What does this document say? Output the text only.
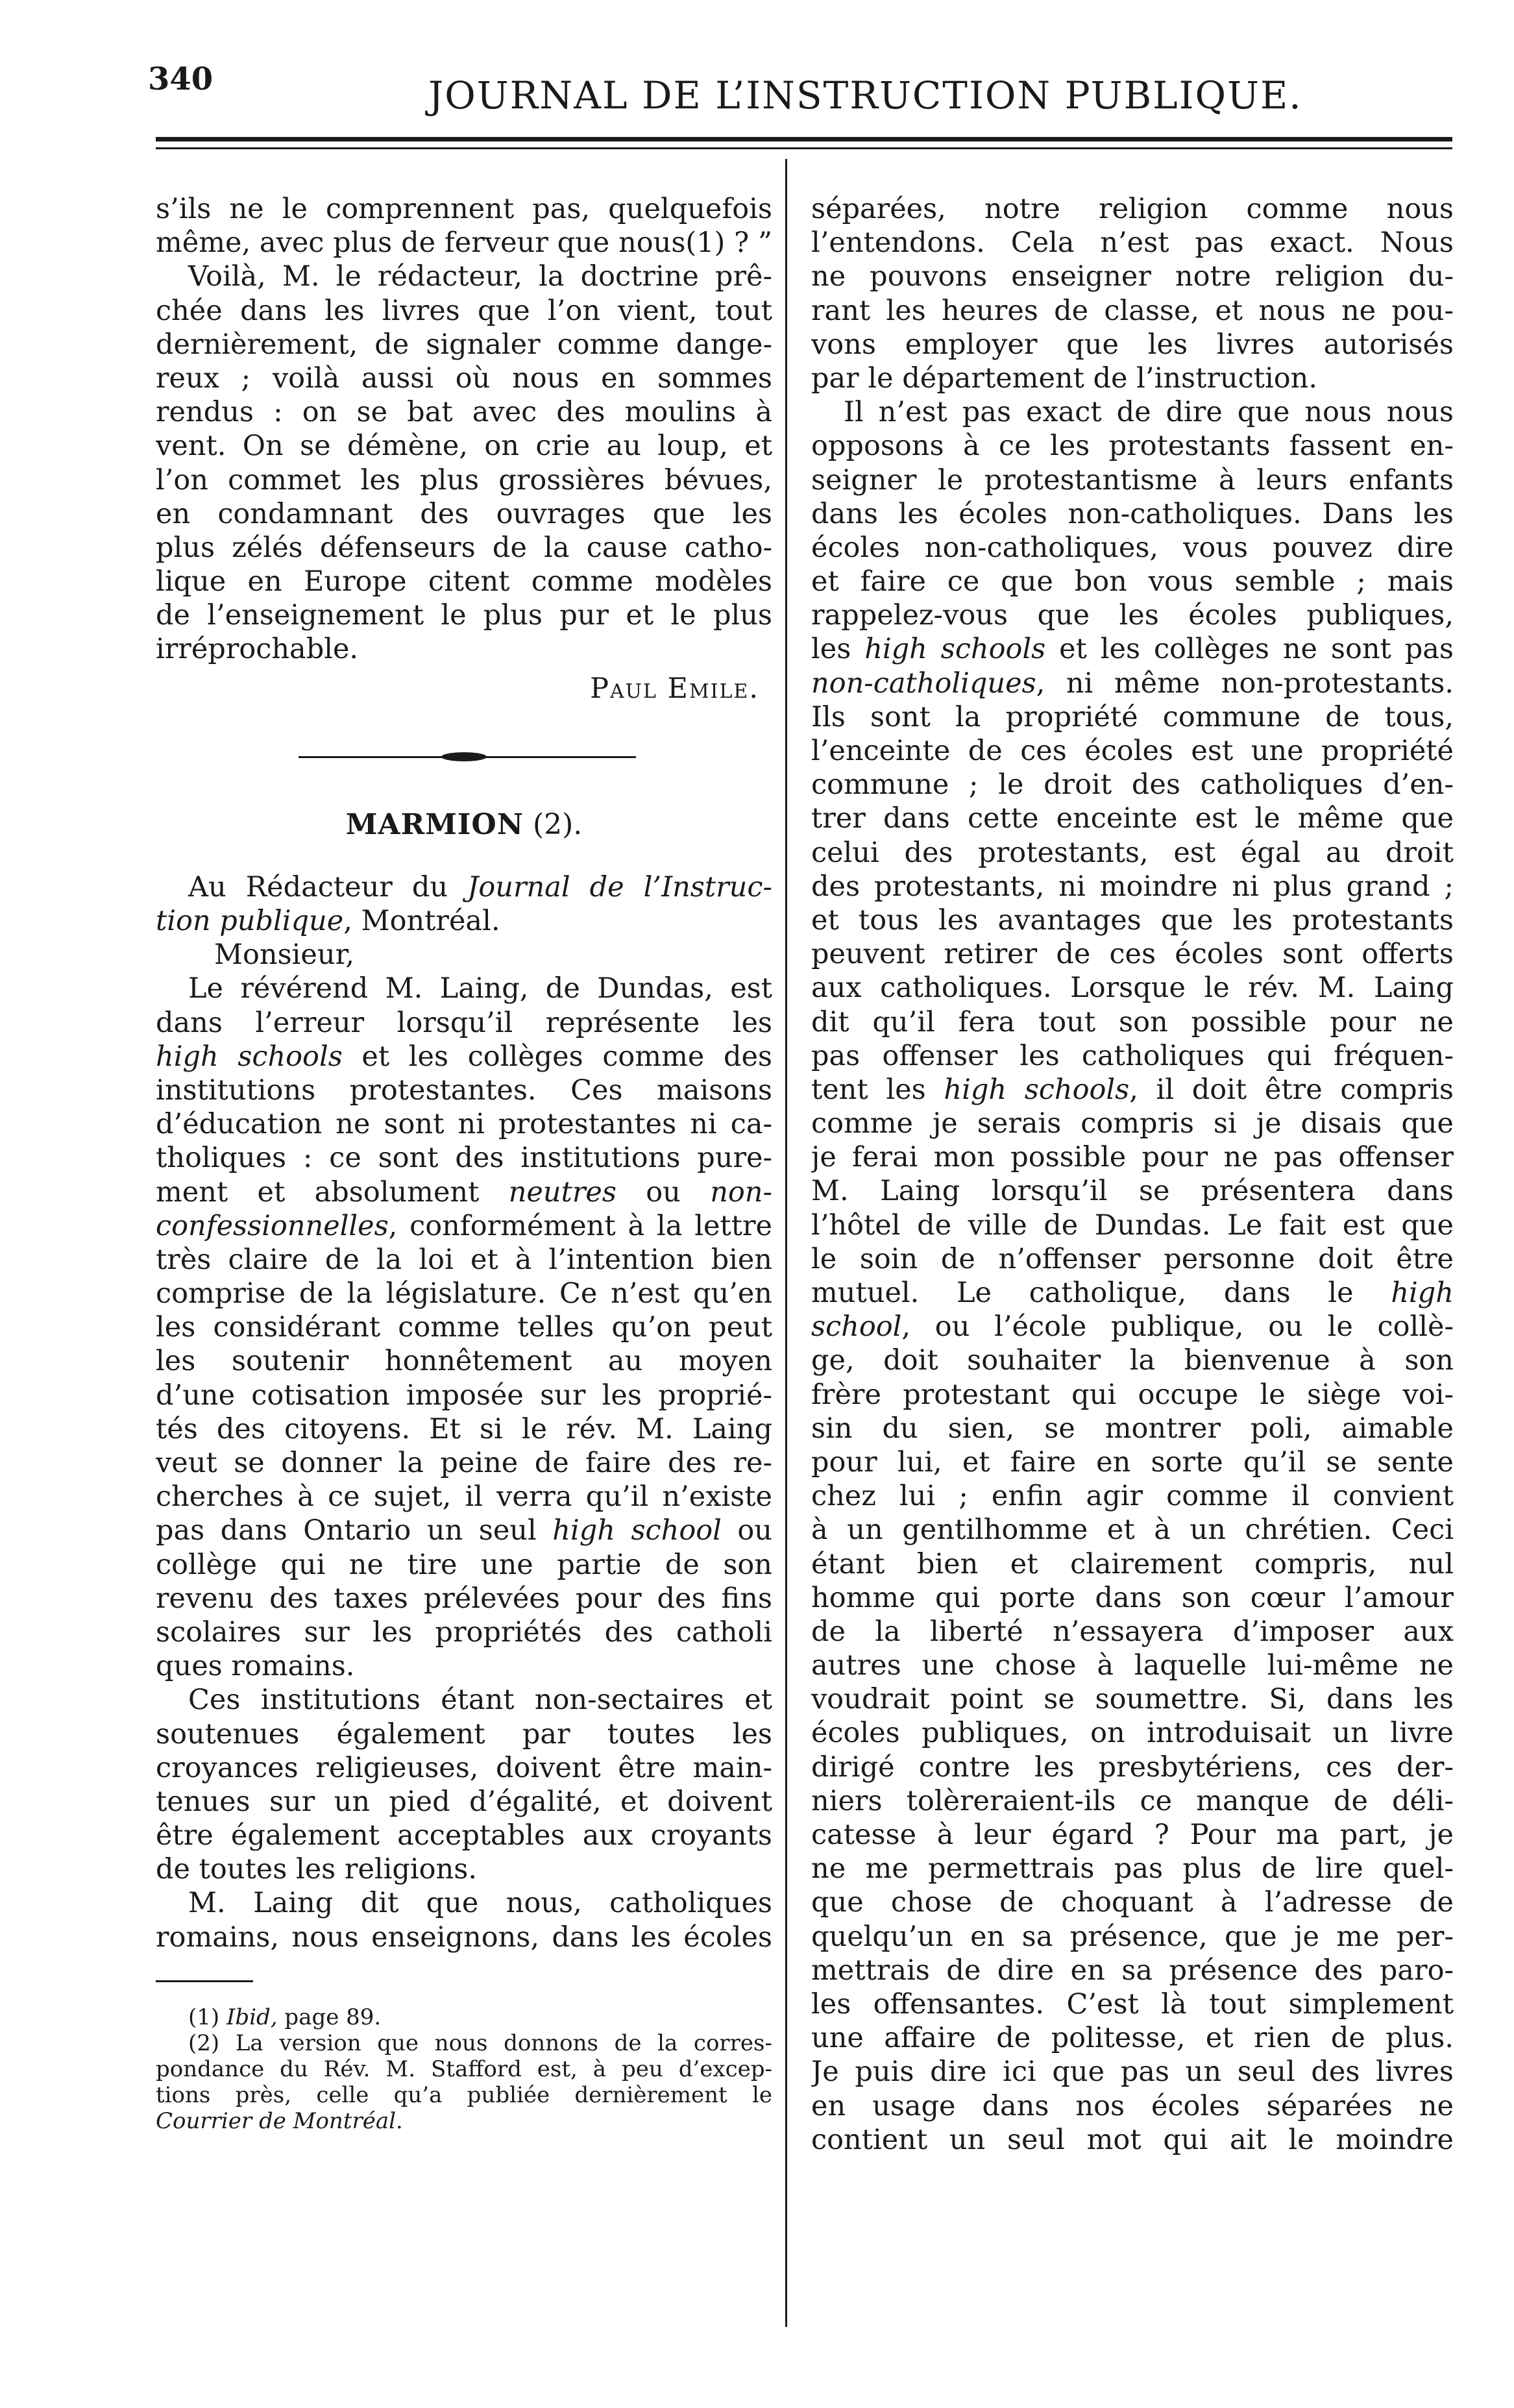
340	JOURNAL DE L’INSTRUCTION PUBLIQUE.
s’ils ne le comprennent pas, quelquefois
même, avec plus de ferveur que nous(1) ? ”
Voilà, M. le rédacteur, la doctrine prê-
chée dans les livres que l’on vient, tout
dernièrement, de signaler comme dange-
reux ; voilà aussi où nous en sommes
rendus : on se bat avec des moulins à
vent. On se démène, on crie au loup, et
l’on commet les plus grossières bévues,
en condamnant des ouvrages que les
plus zélés défenseurs de la cause catho-
lique en Europe citent comme modèles
de l’enseignement le plus pur et le plus
irréprochable.
Paul Emile.
MARMION (2).
Au Rédacteur du Journal de l’Instruc-
tion publique, Montréal.
Monsieur,
Le révérend M. Laing, de Dundas, est
dans l’erreur lorsqu’il représente les
high schools et les collèges comme des
institutions protestantes. Ces maisons
d’éducation ne sont ni protestantes ni ca-
tholiques : ce sont des institutions pure-
ment et absolument neutres ou non-
confessionnelles, conformément à la lettre
très claire de la loi et à l’intention bien
comprise de la législature. Ce n’est qu’en
les considérant comme telles qu’on peut
les soutenir honnêtement au moyen
d’une cotisation imposée sur les proprié-
tés des citoyens. Et si le rév. M. Laing
veut se donner la peine de faire des re-
cherches à ce sujet, il verra qu’il n’existe
pas dans Ontario un seul high school ou
collège qui ne tire une partie de son
revenu des taxes prélevées pour des fins
scolaires sur les propriétés des catholi
ques romains.
Ces institutions étant non-sectaires et
soutenues également par toutes les
croyances religieuses, doivent être main-
tenues sur un pied d’égalité, et doivent
être également acceptables aux croyants
de toutes les religions.
M. Laing dit que nous, catholiques
romains, nous enseignons, dans les écoles
(1) Ibid, page 89.
(2) La version que nous donnons de la corres-
pondance du Rév. M. Stafford est, à peu d’excep-
tions près, celle qu’a publiée dernièrement le
Courrier de Montréal.
séparées, notre religion comme nous
l’entendons. Cela n’est pas exact. Nous
ne pouvons enseigner notre religion du-
rant les heures de classe, et nous ne pou-
vons employer que les livres autorisés
par le département de l’instruction.
Il n’est pas exact de dire que nous nous
opposons à ce les protestants fassent en-
seigner le protestantisme à leurs enfants
dans les écoles non-catholiques. Dans les
écoles non-catholiques, vous pouvez dire
et faire ce que bon vous semble ; mais
rappelez-vous que les écoles publiques,
les high schools et les collèges ne sont pas
non-catholiques, ni même non-protestants.
Ils sont la propriété commune de tous,
l’enceinte de ces écoles est une propriété
commune ; le droit des catholiques d’en-
trer dans cette enceinte est le même que
celui des protestants, est égal au droit
des protestants, ni moindre ni plus grand ;
et tous les avantages que les protestants
peuvent retirer de ces écoles sont offerts
aux catholiques. Lorsque le rév. M. Laing
dit qu’il fera tout son possible pour ne
pas offenser les catholiques qui fréquen-
tent les high schools, il doit être compris
comme je serais compris si je disais que
je ferai mon possible pour ne pas offenser
M. Laing lorsqu’il se présentera dans
l’hôtel de ville de Dundas. Le fait est que
le soin de n’offenser personne doit être
mutuel. Le catholique, dans le high
school, ou l’école publique, ou le collè-
ge, doit souhaiter la bienvenue à son
frère protestant qui occupe le siège voi-
sin du sien, se montrer poli, aimable
pour lui, et faire en sorte qu’il se sente
chez lui ; enfin agir comme il convient
à un gentilhomme et à un chrétien. Ceci
étant bien et clairement compris, nul
homme qui porte dans son cœur l’amour
de la liberté n’essayera d’imposer aux
autres une chose à laquelle lui-même ne
voudrait point se soumettre. Si, dans les
écoles publiques, on introduisait un livre
dirigé contre les presbytériens, ces der-
niers tolèreraient-ils ce manque de déli-
catesse à leur égard ? Pour ma part, je
ne me permettrais pas plus de lire quel-
que chose de choquant à l’adresse de
quelqu’un en sa présence, que je me per-
mettrais de dire en sa présence des paro-
les offensantes. C’est là tout simplement
une affaire de politesse, et rien de plus.
Je puis dire ici que pas un seul des livres
en usage dans nos écoles séparées ne
contient un seul mot qui ait le moindre
